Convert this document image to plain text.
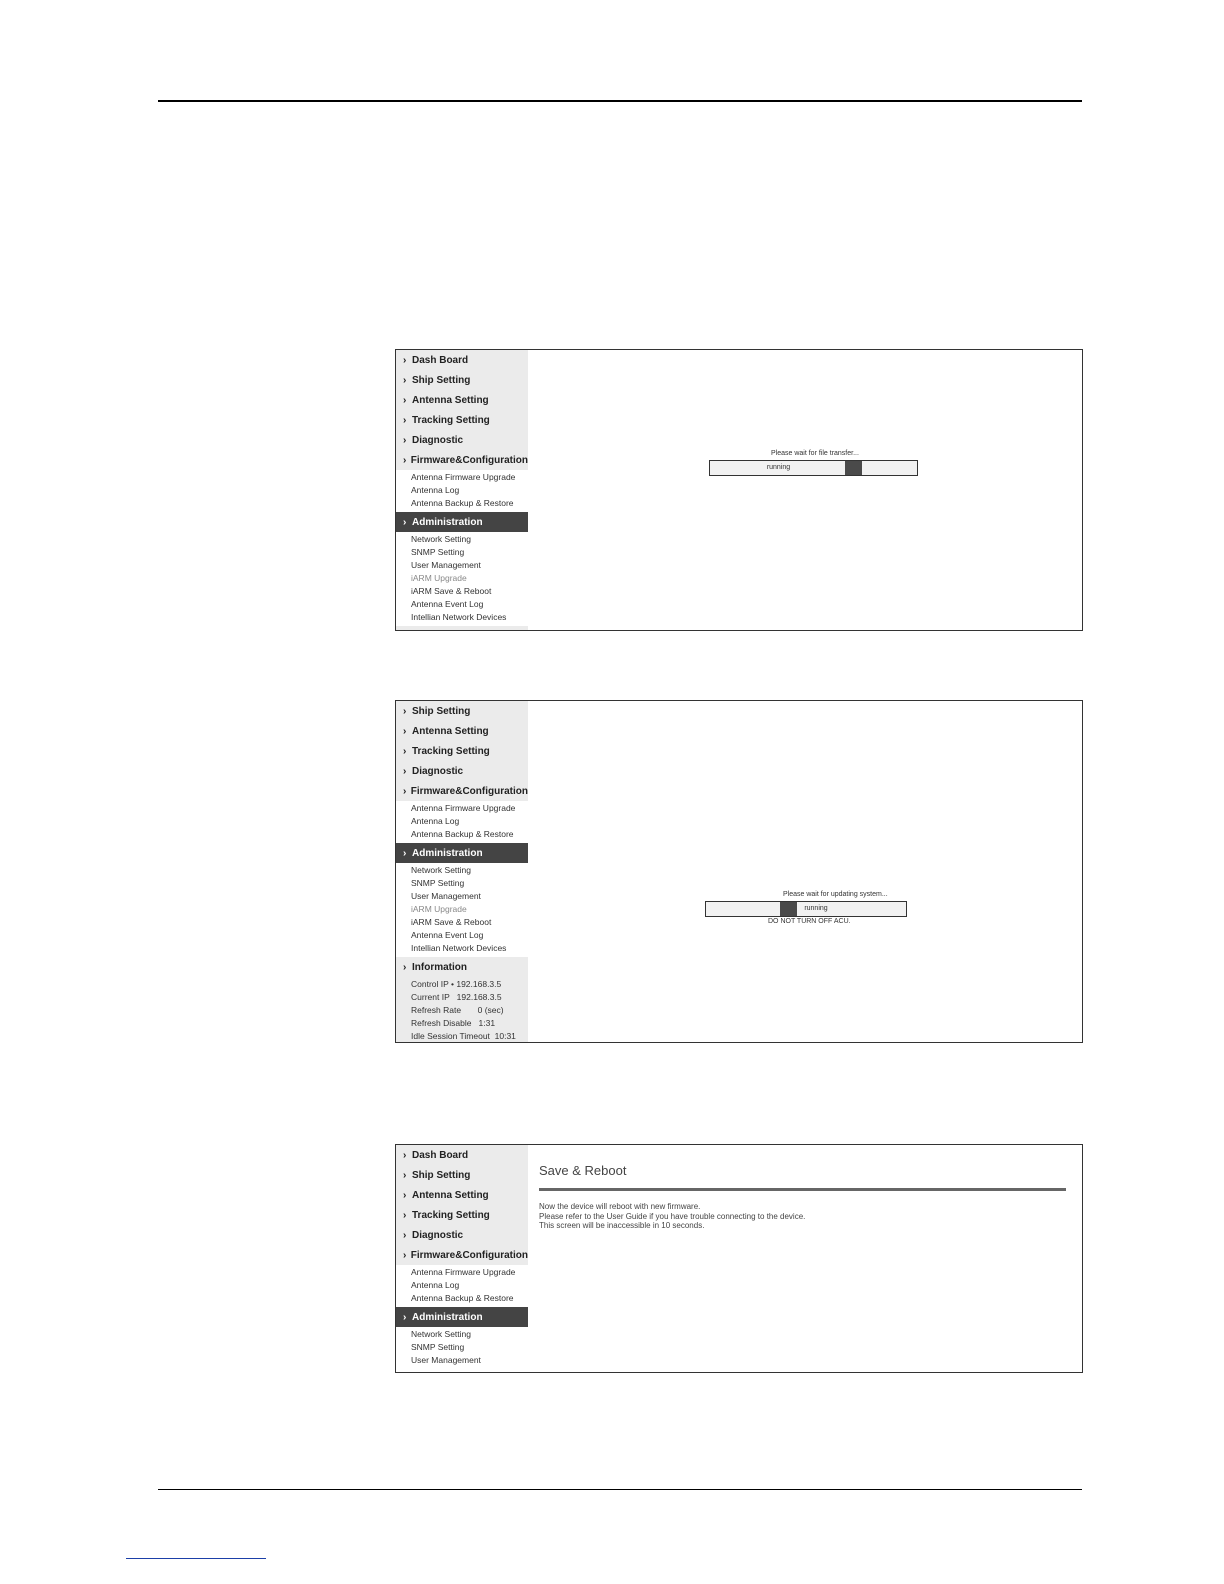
› Dash Board
› Ship Setting
› Antenna Setting
› Tracking Setting
› Diagnostic
› Firmware&Configuration
Antenna Firmware Upgrade
Antenna Log
Antenna Backup & Restore
› Administration
Network Setting
SNMP Setting
User Management
iARM Upgrade
iARM Save & Reboot
Antenna Event Log
Intellian Network Devices
Please wait for file transfer...
running
› Ship Setting
› Antenna Setting
› Tracking Setting
› Diagnostic
› Firmware&Configuration
Antenna Firmware Upgrade
Antenna Log
Antenna Backup & Restore
› Administration
Network Setting
SNMP Setting
User Management
iARM Upgrade
iARM Save & Reboot
Antenna Event Log
Intellian Network Devices
› Information
Control IP • 192.168.3.5
Current IP   192.168.3.5
Refresh Rate       0 (sec)
Refresh Disable   1:31
Idle Session Timeout  10:31
Please wait for updating system...
running
DO NOT TURN OFF ACU.
› Dash Board
› Ship Setting
› Antenna Setting
› Tracking Setting
› Diagnostic
› Firmware&Configuration
Antenna Firmware Upgrade
Antenna Log
Antenna Backup & Restore
› Administration
Network Setting
SNMP Setting
User Management
Save & Reboot
Now the device will reboot with new firmware.
Please refer to the User Guide if you have trouble connecting to the device.
This screen will be inaccessible in 10 seconds.
